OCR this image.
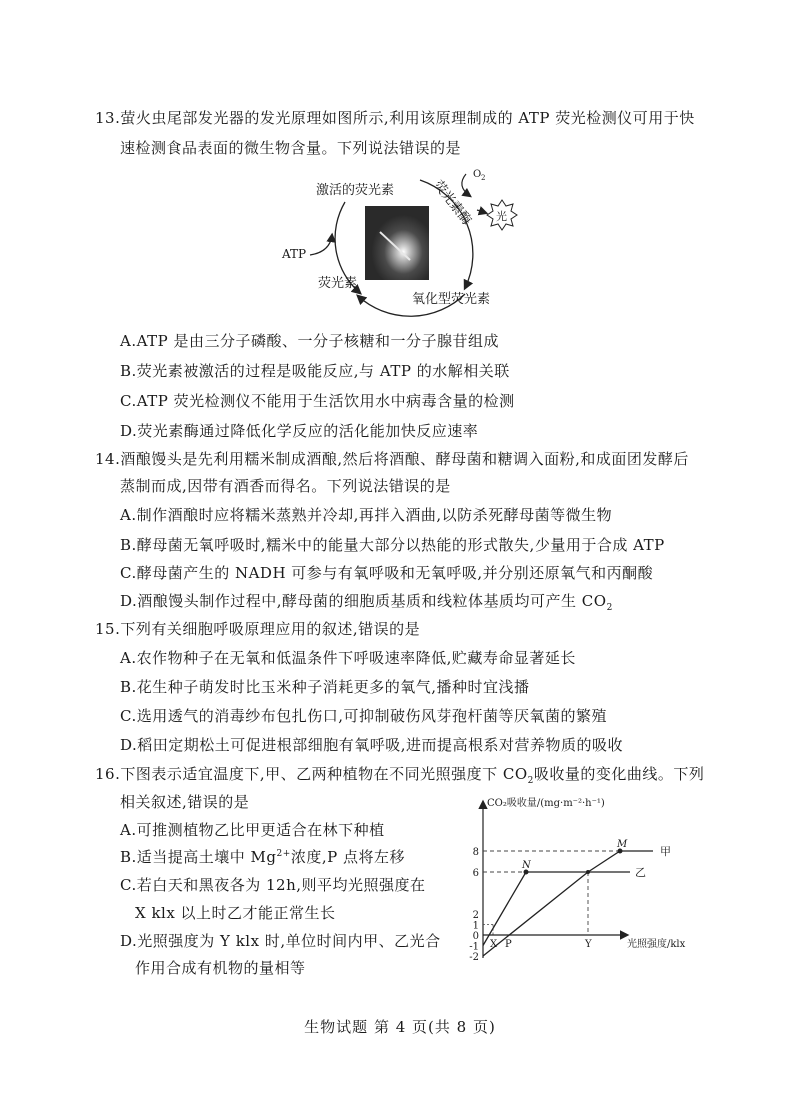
13.萤火虫尾部发光器的发光原理如图所示,利用该原理制成的 ATP 荧光检测仪可用于快
速检测食品表面的微生物含量。下列说法错误的是
光
激活的荧光素
O 2
荧光素酶
ATP
荧光素
氧化型荧光素
A.ATP 是由三分子磷酸、一分子核糖和一分子腺苷组成
B.荧光素被激活的过程是吸能反应,与 ATP 的水解相关联
C.ATP 荧光检测仪不能用于生活饮用水中病毒含量的检测
D.荧光素酶通过降低化学反应的活化能加快反应速率
14.酒酿馒头是先利用糯米制成酒酿,然后将酒酿、酵母菌和糖调入面粉,和成面团发酵后
蒸制而成,因带有酒香而得名。下列说法错误的是
A.制作酒酿时应将糯米蒸熟并冷却,再拌入酒曲,以防杀死酵母菌等微生物
B.酵母菌无氧呼吸时,糯米中的能量大部分以热能的形式散失,少量用于合成 ATP
C.酵母菌产生的 NADH 可参与有氧呼吸和无氧呼吸,并分别还原氧气和丙酮酸
D.酒酿馒头制作过程中,酵母菌的细胞质基质和线粒体基质均可产生 $CO_2$
15.下列有关细胞呼吸原理应用的叙述,错误的是
A.农作物种子在无氧和低温条件下呼吸速率降低,贮藏寿命显著延长
B.花生种子萌发时比玉米种子消耗更多的氧气,播种时宜浅播
C.选用透气的消毒纱布包扎伤口,可抑制破伤风芽孢杆菌等厌氧菌的繁殖
D.稻田定期松土可促进根部细胞有氧呼吸,进而提高根系对营养物质的吸收
16.下图表示适宜温度下,甲、乙两种植物在不同光照强度下 $CO_2$吸收量的变化曲线。下列
相关叙述,错误的是
A.可推测植物乙比甲更适合在林下种植
B.适当提高土壤中 $Mg^{2+}$浓度,P 点将左移
C.若白天和黑夜各为 12h,则平均光照强度在
X klx 以上时乙才能正常生长
D.光照强度为 Y klx 时,单位时间内甲、乙光合
作用合成有机物的量相等
CO₂吸收量/(mg·m⁻²·h⁻¹)
光照强度/klx
8
6
2
1
0
-1
-2
M
N
甲
乙
X P	Y
生物试题 第 4 页(共 8 页)
